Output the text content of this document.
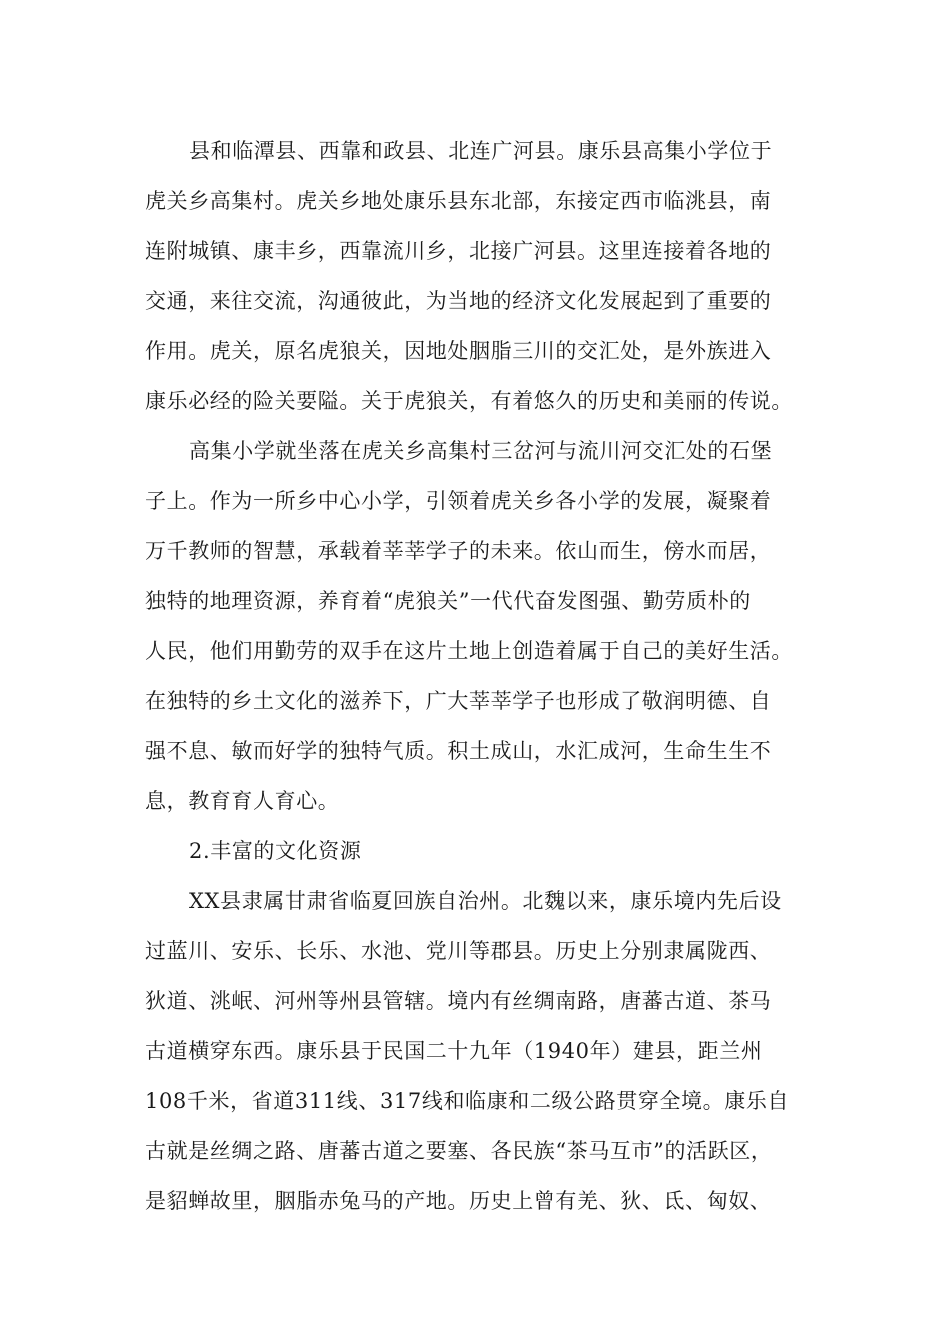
县和临潭县、西靠和政县、北连广河县。康乐县高集小学位于
虎关乡高集村。虎关乡地处康乐县东北部，东接定西市临洮县，南
连附城镇、康丰乡，西靠流川乡，北接广河县。这里连接着各地的
交通，来往交流，沟通彼此，为当地的经济文化发展起到了重要的
作用。虎关，原名虎狼关，因地处胭脂三川的交汇处，是外族进入
康乐必经的险关要隘。关于虎狼关，有着悠久的历史和美丽的传说。
高集小学就坐落在虎关乡高集村三岔河与流川河交汇处的石堡
子上。作为一所乡中心小学，引领着虎关乡各小学的发展，凝聚着
万千教师的智慧，承载着莘莘学子的未来。依山而生，傍水而居，
独特的地理资源，养育着“虎狼关”一代代奋发图强、勤劳质朴的
人民，他们用勤劳的双手在这片土地上创造着属于自己的美好生活。
在独特的乡土文化的滋养下，广大莘莘学子也形成了敬润明德、自
强不息、敏而好学的独特气质。积土成山，水汇成河，生命生生不
息，教育育人育心。
2.丰富的文化资源
XX县隶属甘肃省临夏回族自治州。北魏以来，康乐境内先后设
过蓝川、安乐、长乐、水池、党川等郡县。历史上分别隶属陇西、
狄道、洮岷、河州等州县管辖。境内有丝绸南路，唐蕃古道、茶马
古道横穿东西。康乐县于民国二十九年（1940年）建县，距兰州
108千米，省道311线、317线和临康和二级公路贯穿全境。康乐自
古就是丝绸之路、唐蕃古道之要塞、各民族“茶马互市”的活跃区，
是貂蝉故里，胭脂赤兔马的产地。历史上曾有羌、狄、氐、匈奴、
